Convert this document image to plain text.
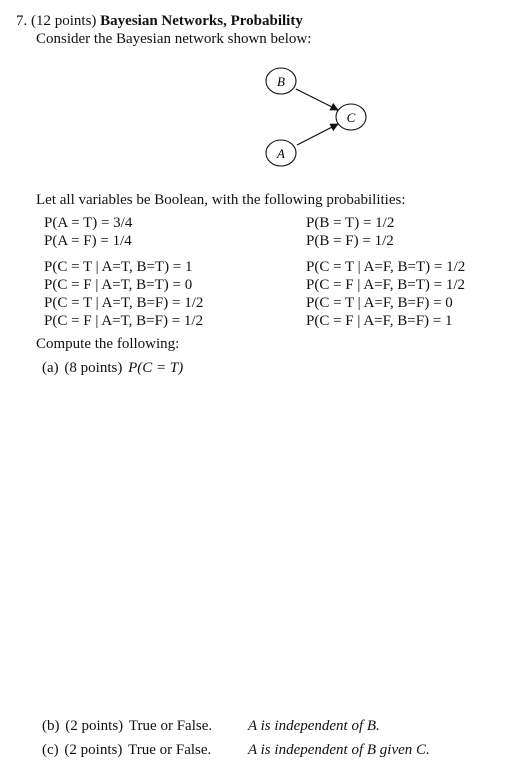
7. (12 points) Bayesian Networks, Probability
Consider the Bayesian network shown below:
B
C
A
Let all variables be Boolean, with the following probabilities:
P(A = T) = 3/4
P(A = F) = 1/4
P(B = T) = 1/2
P(B = F) = 1/2
P(C = T | A=T, B=T) = 1
P(C = F | A=T, B=T) = 0
P(C = T | A=T, B=F) = 1/2
P(C = F | A=T, B=F) = 1/2
P(C = T | A=F, B=T) = 1/2
P(C = F | A=F, B=T) = 1/2
P(C = T | A=F, B=F) = 0
P(C = F | A=F, B=F) = 1
Compute the following:
(a) (8 points) P(C = T)
(b) (2 points) True or False. A is independent of B.
(c) (2 points) True or False. A is independent of B given C.
